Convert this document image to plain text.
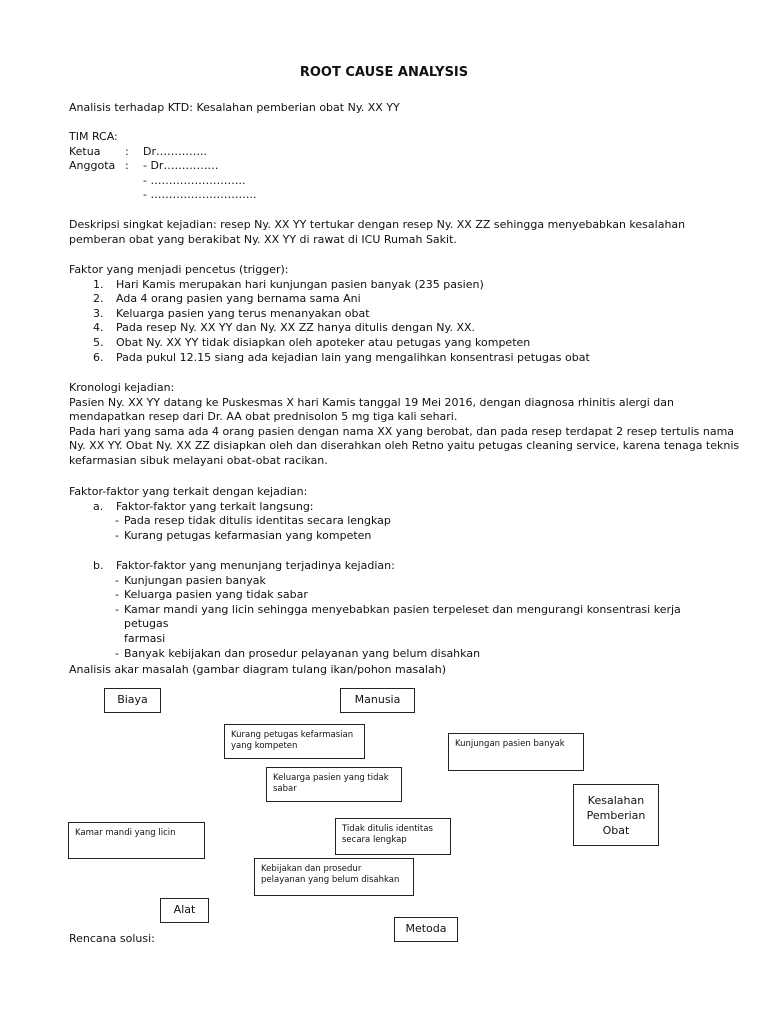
ROOT CAUSE ANALYSIS
Analisis terhadap KTD: Kesalahan pemberian obat Ny. XX YY
TIM RCA:
Ketua : Dr…………..
Anggota : - Dr……………
- ……………………..
- ………………………..
Deskripsi singkat kejadian: resep Ny. XX YY tertukar dengan resep Ny. XX ZZ sehingga menyebabkan kesalahan
pemberan obat yang berakibat Ny. XX YY di rawat di ICU Rumah Sakit.
Faktor yang menjadi pencetus (trigger):
1. Hari Kamis merupakan hari kunjungan pasien banyak (235 pasien)
2. Ada 4 orang pasien yang bernama sama Ani
3. Keluarga pasien yang terus menanyakan obat
4. Pada resep Ny. XX YY dan Ny. XX ZZ hanya ditulis dengan Ny. XX.
5. Obat Ny. XX YY tidak disiapkan oleh apoteker atau petugas yang kompeten
6. Pada pukul 12.15 siang ada kejadian lain yang mengalihkan konsentrasi petugas obat
Kronologi kejadian:
Pasien Ny. XX YY datang ke Puskesmas X hari Kamis tanggal 19 Mei 2016, dengan diagnosa rhinitis alergi dan
mendapatkan resep dari Dr. AA obat prednisolon 5 mg tiga kali sehari.
Pada hari yang sama ada 4 orang pasien dengan nama XX yang berobat, dan pada resep terdapat 2 resep tertulis nama
Ny. XX YY. Obat Ny. XX ZZ disiapkan oleh dan diserahkan oleh Retno yaitu petugas cleaning service, karena tenaga teknis
kefarmasian sibuk melayani obat-obat racikan.
Faktor-faktor yang terkait dengan kejadian:
a. Faktor-faktor yang terkait langsung:
- Pada resep tidak ditulis identitas secara lengkap
- Kurang petugas kefarmasian yang kompeten
b. Faktor-faktor yang menunjang terjadinya kejadian:
- Kunjungan pasien banyak
- Keluarga pasien yang tidak sabar
- Kamar mandi yang licin sehingga menyebabkan pasien terpeleset dan mengurangi konsentrasi kerja petugas
farmasi
- Banyak kebijakan dan prosedur pelayanan yang belum disahkan
Analisis akar masalah (gambar diagram tulang ikan/pohon masalah)
Biaya	Manusia
Kurang petugas kefarmasian
yang kompeten	Kunjungan pasien banyak
Keluarga pasien yang tidak
sabar
Kesalahan
Pemberian
Obat
Kamar mandi yang licin	Tidak ditulis identitas
secara lengkap
Kebijakan dan prosedur
pelayanan yang belum disahkan
Alat
Metoda
Rencana solusi:
